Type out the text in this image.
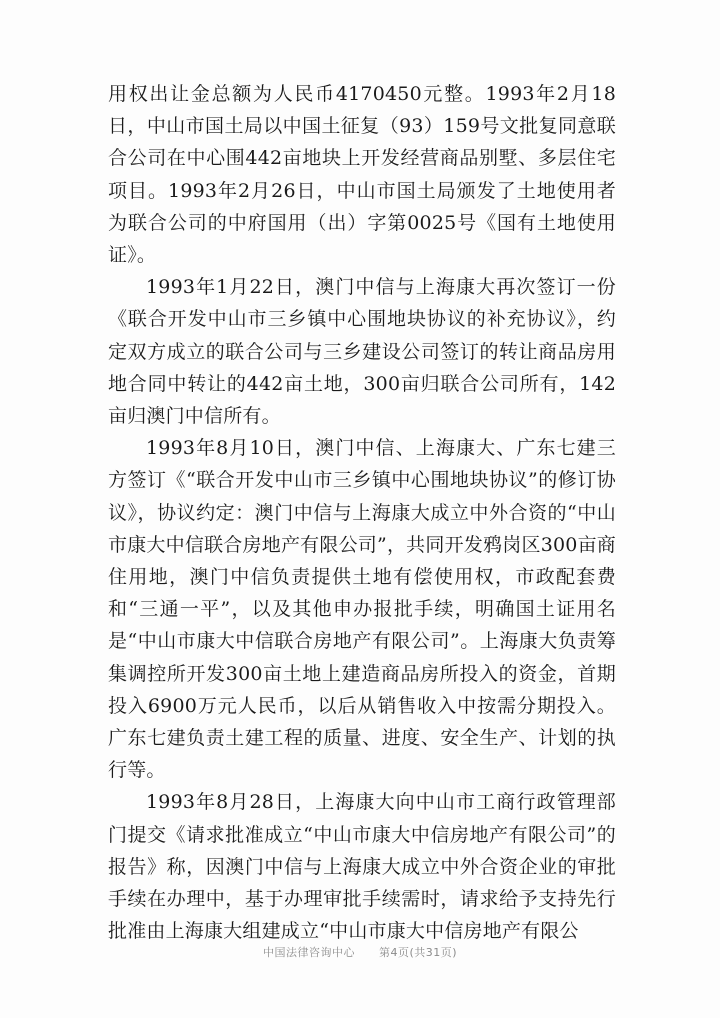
用权出让金总额为人民币4170450元整。1993年2月18日，中山市国土局以中国土征复（93）159号文批复同意联合公司在中心围442亩地块上开发经营商品别墅、多层住宅项目。1993年2月26日，中山市国土局颁发了土地使用者为联合公司的中府国用（出）字第0025号《国有土地使用证》。

1993年1月22日，澳门中信与上海康大再次签订一份《联合开发中山市三乡镇中心围地块协议的补充协议》，约定双方成立的联合公司与三乡建设公司签订的转让商品房用地合同中转让的442亩土地，300亩归联合公司所有，142亩归澳门中信所有。

1993年8月10日，澳门中信、上海康大、广东七建三方签订《“联合开发中山市三乡镇中心围地块协议”的修订协议》，协议约定：澳门中信与上海康大成立中外合资的“中山市康大中信联合房地产有限公司”，共同开发鸦岗区300亩商住用地，澳门中信负责提供土地有偿使用权，市政配套费和“三通一平”，以及其他申办报批手续，明确国土证用名是“中山市康大中信联合房地产有限公司”。上海康大负责筹集调控所开发300亩土地上建造商品房所投入的资金，首期投入6900万元人民币，以后从销售收入中按需分期投入。广东七建负责土建工程的质量、进度、安全生产、计划的执行等。

1993年8月28日，上海康大向中山市工商行政管理部门提交《请求批准成立“中山市康大中信房地产有限公司”的报告》称，因澳门中信与上海康大成立中外合资企业的审批手续在办理中，基于办理审批手续需时，请求给予支持先行批准由上海康大组建成立“中山市康大中信房地产有限公

中国法律咨询中心 第4页(共31页)
